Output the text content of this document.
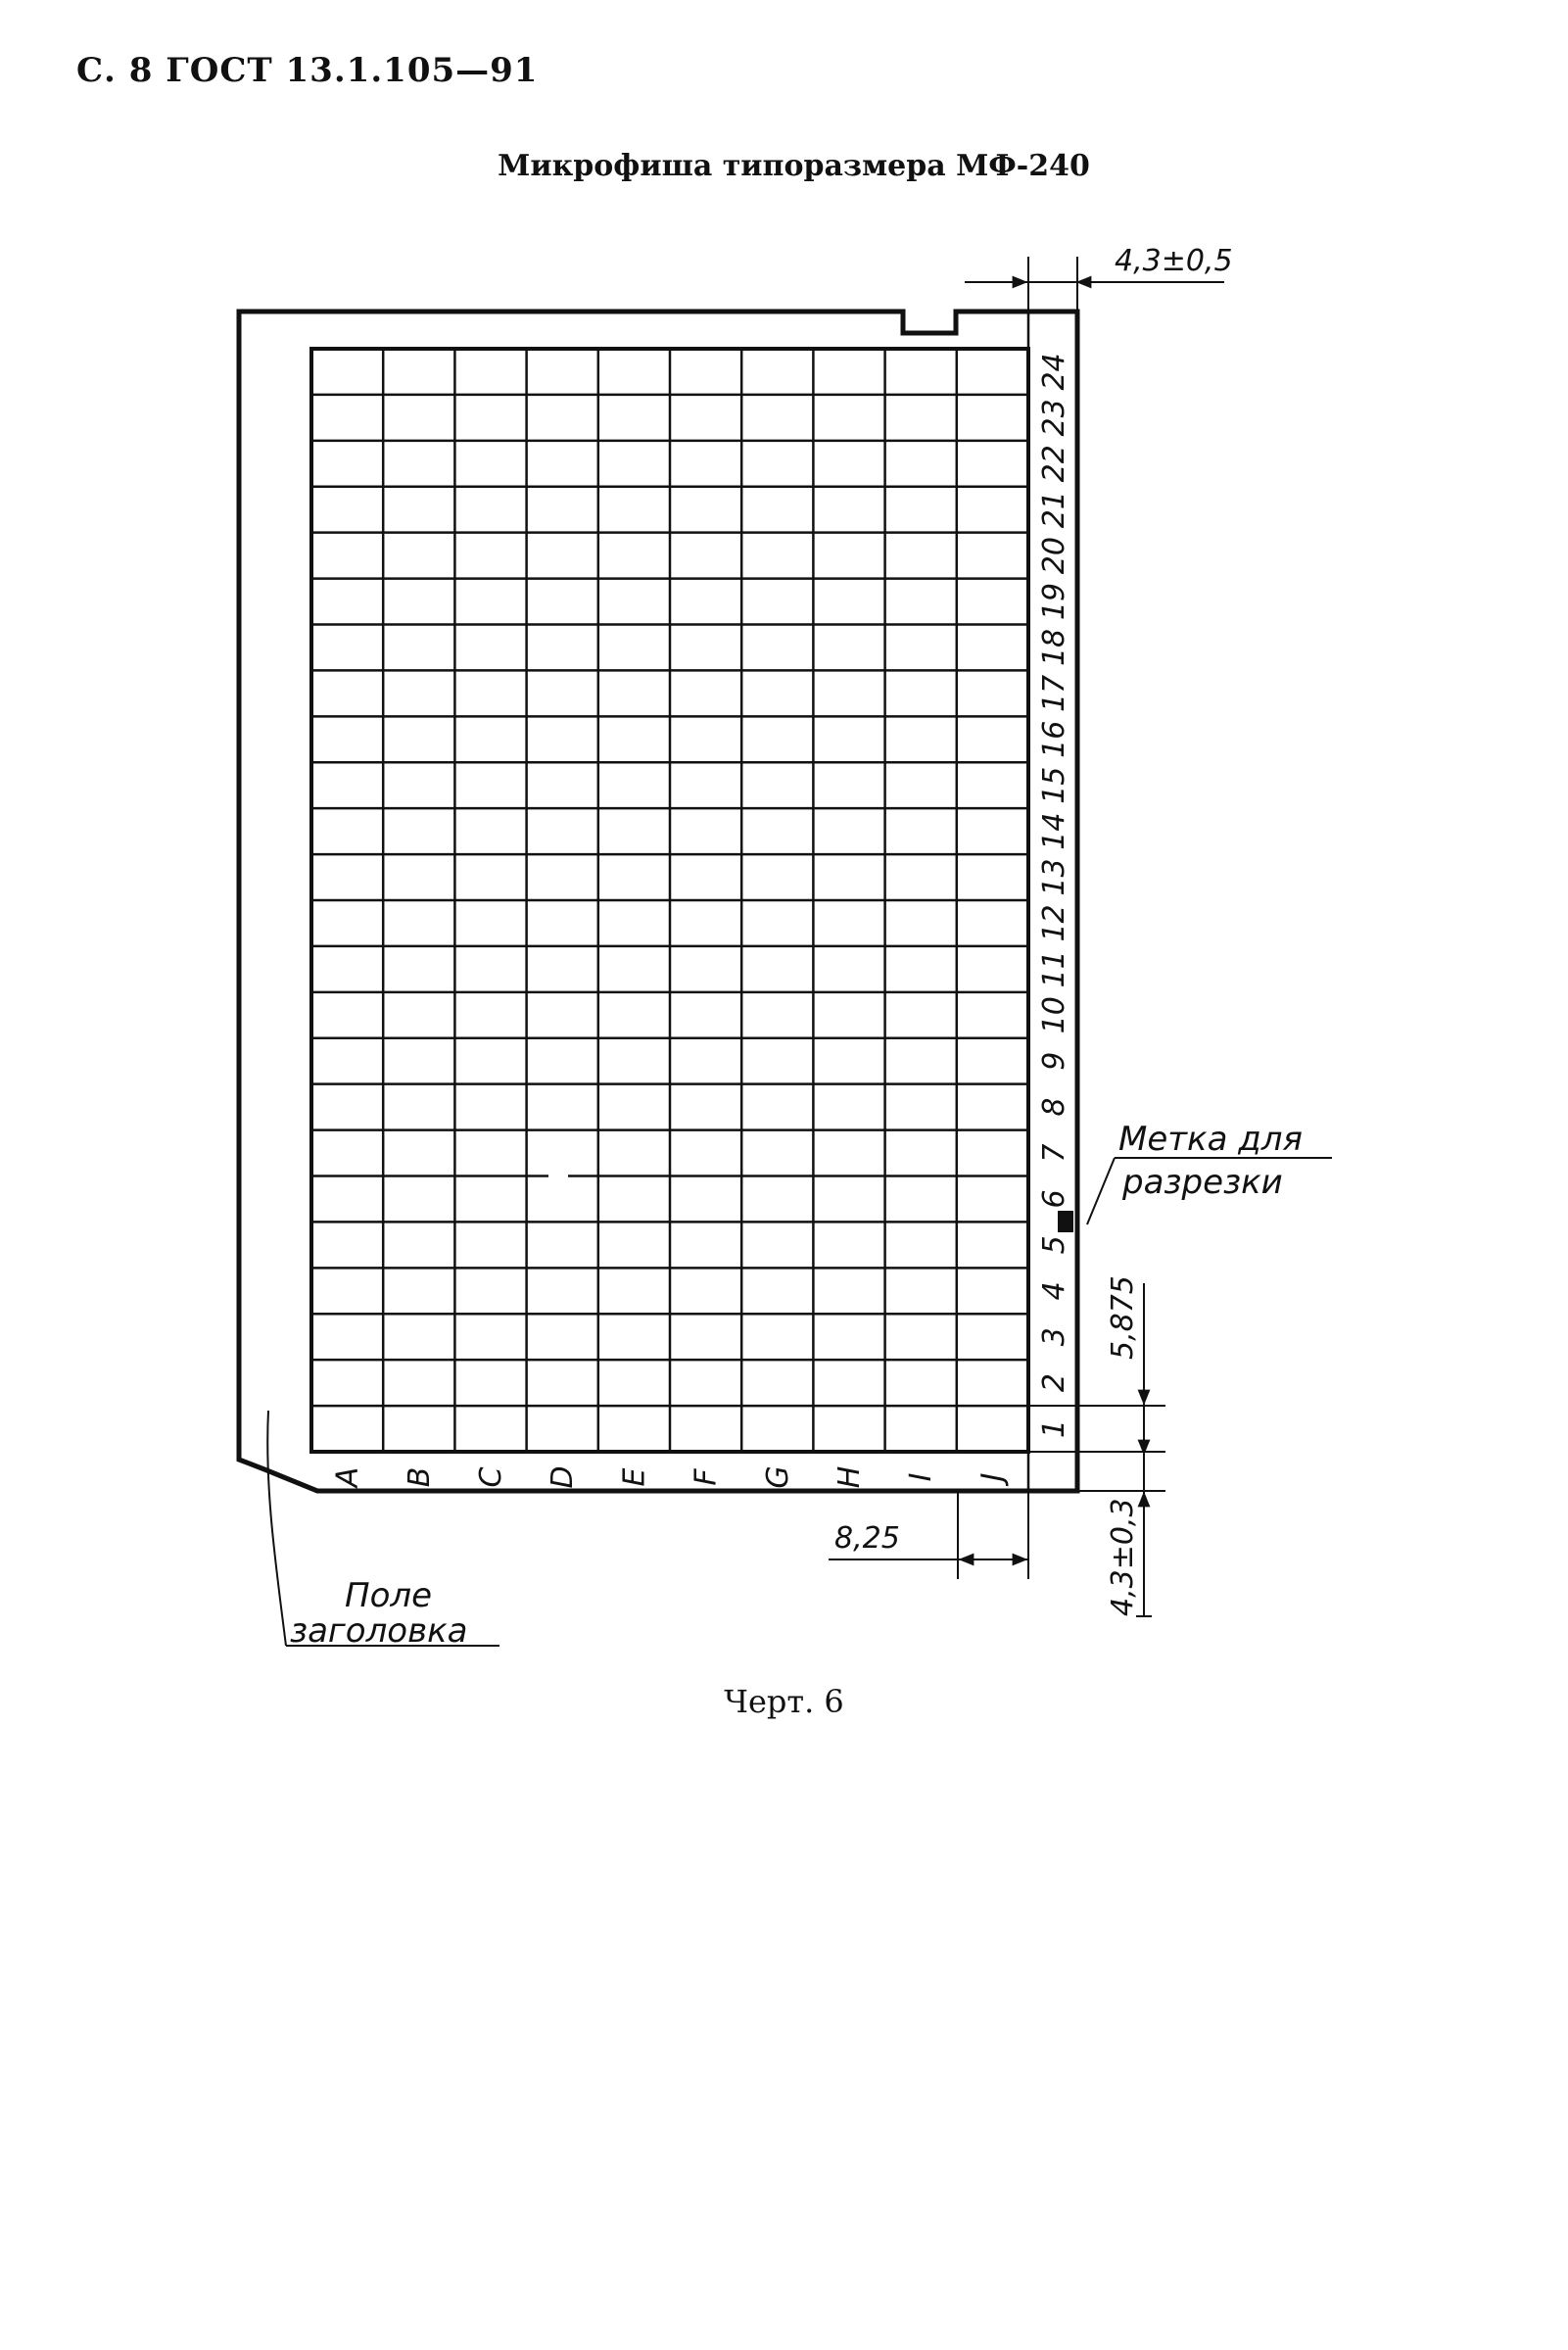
С. 8 ГОСТ 13.1.105—91
Микрофиша типоразмера МФ-240
A B C D E F G H I J
1
2
3
4
5
6
7
8
9
10
11
12
13
14
15
16
17
18
19
20
21
22
23
24
4,3±0,5
8,25
5,875
4,3±0,3
Метка для
разрезки
Поле
заголовка
Черт. 6
